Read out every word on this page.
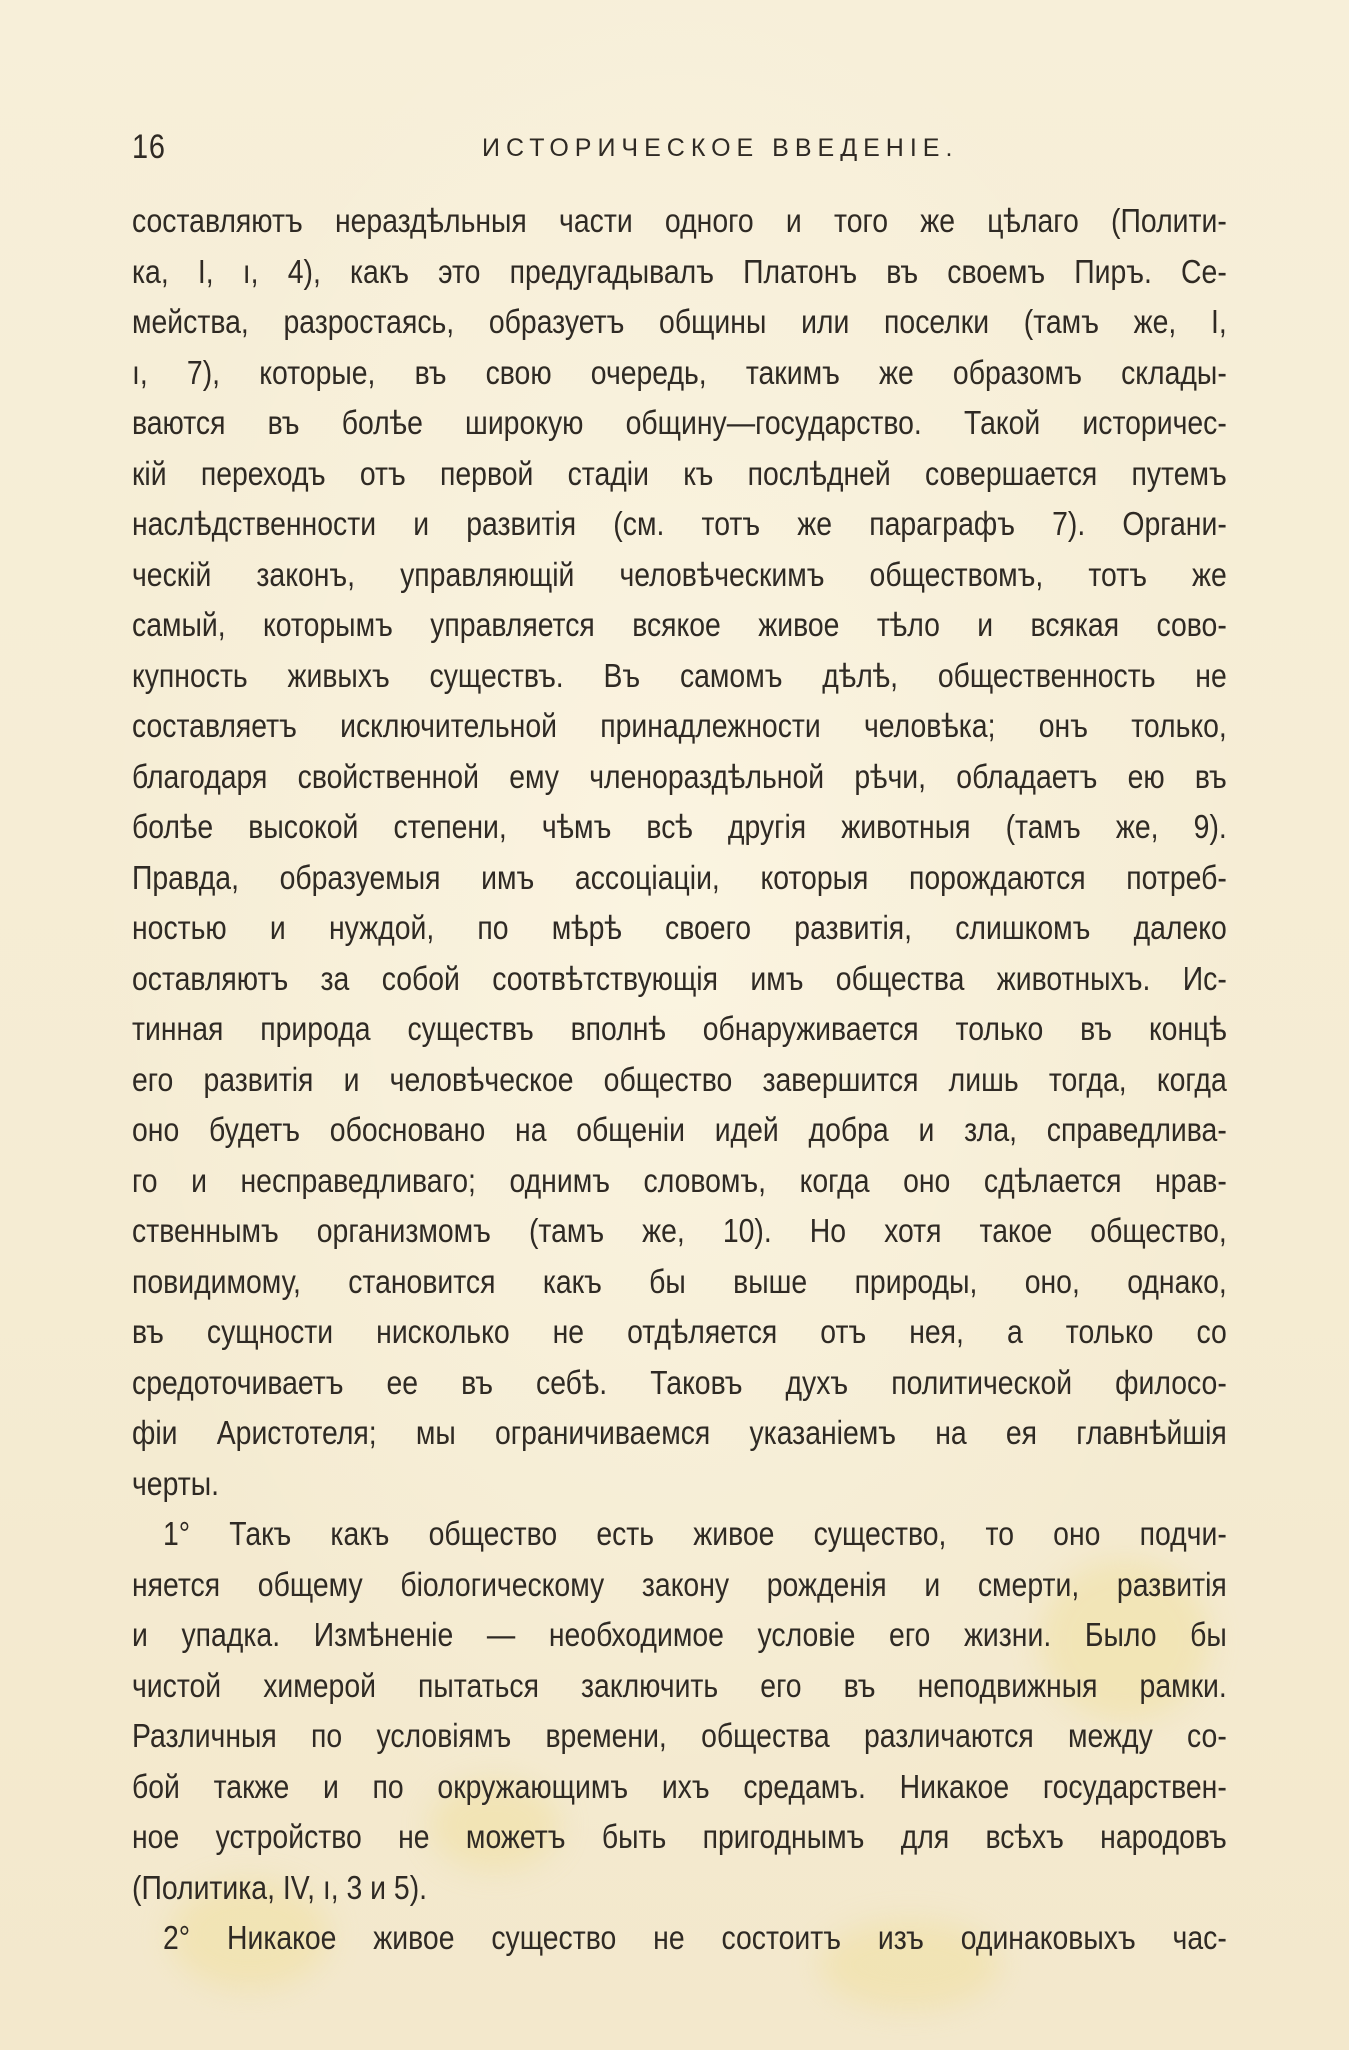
16	ИСТОРИЧЕСКОЕ ВВЕДЕНІЕ.
составляютъ нераздѣльныя части одного и того же цѣлаго (Полити-
ка, I, ı, 4), какъ это предугадывалъ Платонъ въ своемъ Пиръ. Се-
мейства, разростаясь, образуетъ общины или поселки (тамъ же, I,
ı, 7), которые, въ свою очередь, такимъ же образомъ склады-
ваются въ болѣе широкую общину—государство. Такой историчес-
кій переходъ отъ первой стадіи къ послѣдней совершается путемъ
наслѣдственности и развитія (см. тотъ же параграфъ 7). Органи-
ческій законъ, управляющій человѣческимъ обществомъ, тотъ же
самый, которымъ управляется всякое живое тѣло и всякая сово-
купность живыхъ существъ. Въ самомъ дѣлѣ, общественность не
составляетъ исключительной принадлежности человѣка; онъ только,
благодаря свойственной ему членораздѣльной рѣчи, обладаетъ ею въ
болѣе высокой степени, чѣмъ всѣ другія животныя (тамъ же, 9).
Правда, образуемыя имъ ассоціаціи, которыя порождаются потреб-
ностью и нуждой, по мѣрѣ своего развитія, слишкомъ далеко
оставляютъ за собой соотвѣтствующія имъ общества животныхъ. Ис-
тинная природа существъ вполнѣ обнаруживается только въ концѣ
его развитія и человѣческое общество завершится лишь тогда, когда
оно будетъ обосновано на общеніи идей добра и зла, справедлива-
го и несправедливаго; однимъ словомъ, когда оно сдѣлается нрав-
ственнымъ организмомъ (тамъ же, 10). Но хотя такое общество,
повидимому, становится какъ бы выше природы, оно, однако,
въ сущности нисколько не отдѣляется отъ нея, а только со
средоточиваетъ ее въ себѣ. Таковъ духъ политической филосо-
фіи Аристотеля; мы ограничиваемся указаніемъ на ея главнѣйшія
черты.
1° Такъ какъ общество есть живое существо, то оно подчи-
няется общему біологическому закону рожденія и смерти, развитія
и упадка. Измѣненіе — необходимое условіе его жизни. Было бы
чистой химерой пытаться заключить его въ неподвижныя рамки.
Различныя по условіямъ времени, общества различаются между со-
бой также и по окружающимъ ихъ средамъ. Никакое государствен-
ное устройство не можетъ быть пригоднымъ для всѣхъ народовъ
(Политика, IV, ı, 3 и 5).
2° Никакое живое существо не состоитъ изъ одинаковыхъ час-
